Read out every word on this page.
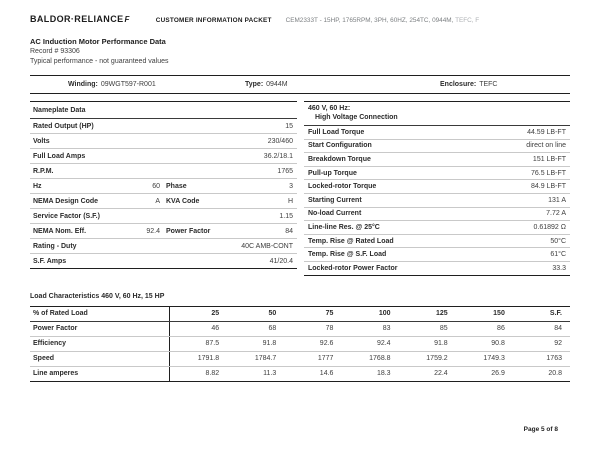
BALDOR·RELIANCEF	CUSTOMER INFORMATION PACKET CEM2333T - 15HP, 1765RPM, 3PH, 60HZ, 254TC, 0944M, TEFC, F
AC Induction Motor Performance Data
Record # 93306
Typical performance - not guaranteed values
Winding: 09WGT597-R001	Type: 0944M	Enclosure: TEFC
Nameplate Data
Rated Output (HP)	15
Volts	230/460
Full Load Amps	36.2/18.1
R.P.M.	1765
Hz	60 Phase	3
NEMA Design Code	A KVA Code	H
Service Factor (S.F.)	1.15
NEMA Nom. Eff.	92.4 Power Factor	84
Rating - Duty	40C AMB-CONT
S.F. Amps	41/20.4
460 V, 60 Hz:
High Voltage Connection
Full Load Torque	44.59 LB-FT
Start Configuration	direct on line
Breakdown Torque	151 LB-FT
Pull-up Torque	76.5 LB-FT
Locked-rotor Torque	84.9 LB-FT
Starting Current	131 A
No-load Current	7.72 A
Line-line Res. @ 25°C	0.61892 Ω
Temp. Rise @ Rated Load	50°C
Temp. Rise @ S.F. Load	61°C
Locked-rotor Power Factor	33.3
Load Characteristics 460 V, 60 Hz, 15 HP
% of Rated Load	25	50	75	100	125	150	S.F.
Power Factor	46	68	78	83	85	86	84
Efficiency	87.5	91.8	92.6	92.4	91.8	90.8	92
Speed	1791.8	1784.7	1777	1768.8	1759.2	1749.3	1763
Line amperes	8.82	11.3	14.6	18.3	22.4	26.9	20.8
Page 5 of 8
